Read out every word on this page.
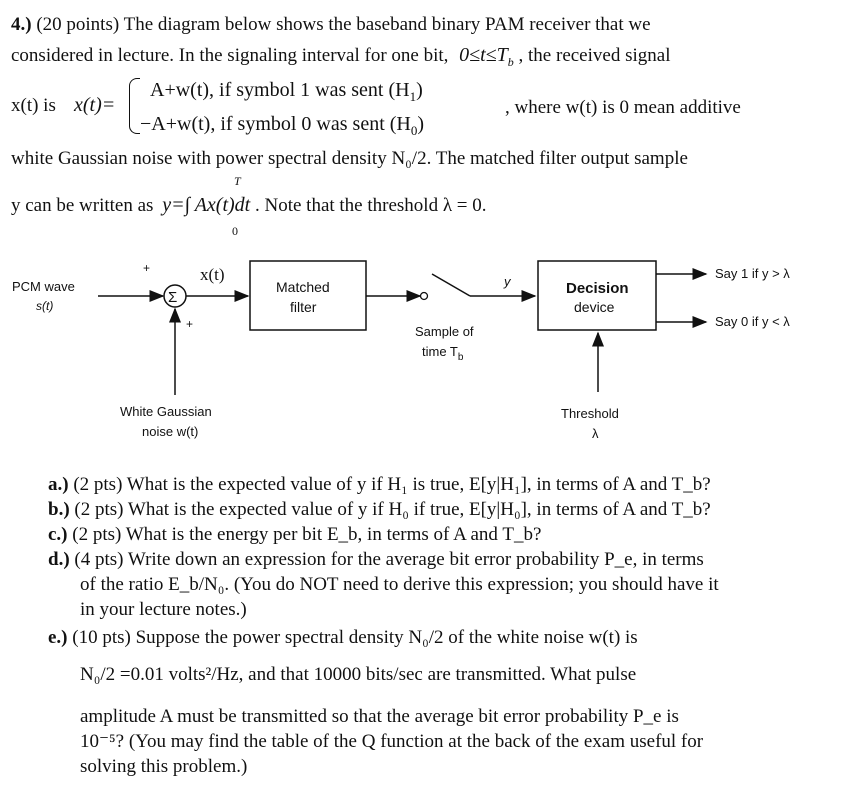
4.) (20 points) The diagram below shows the baseband binary PAM receiver that we
considered in lecture. In the signaling interval for one bit, $0\le t\le T_b$ , the received signal
x(t) is x(t)=
A+w(t), if symbol 1 was sent $(H_1)$
−A+w(t), if symbol 0 was sent $(H_0)$
, where w(t) is 0 mean additive
white Gaussian noise with power spectral density N₀/2. The matched filter output sample
T
y can be written as y=∫ Ax(t)dt . Note that the threshold λ = 0.
0
PCM wave
s(t)
+
Σ
+
White Gaussian
noise w(t)
x(t)
Matched
filter
y
Sample of
time $T_b$
Decision
device
Threshold
λ
Say 1 if y > λ
Say 0 if y < λ
a.) (2 pts) What is the expected value of y if H₁ is true, E[y|H₁], in terms of A and T_b?
b.) (2 pts) What is the expected value of y if H₀ if true, E[y|H₀], in terms of A and T_b?
c.) (2 pts) What is the energy per bit E_b, in terms of A and T_b?
d.) (4 pts) Write down an expression for the average bit error probability P_e, in terms
of the ratio E_b/N₀. (You do NOT need to derive this expression; you should have it
in your lecture notes.)
e.) (10 pts) Suppose the power spectral density N₀/2 of the white noise w(t) is
N₀/2 =0.01 volts²/Hz, and that 10000 bits/sec are transmitted. What pulse
amplitude A must be transmitted so that the average bit error probability P_e is
10⁻⁵? (You may find the table of the Q function at the back of the exam useful for
solving this problem.)
